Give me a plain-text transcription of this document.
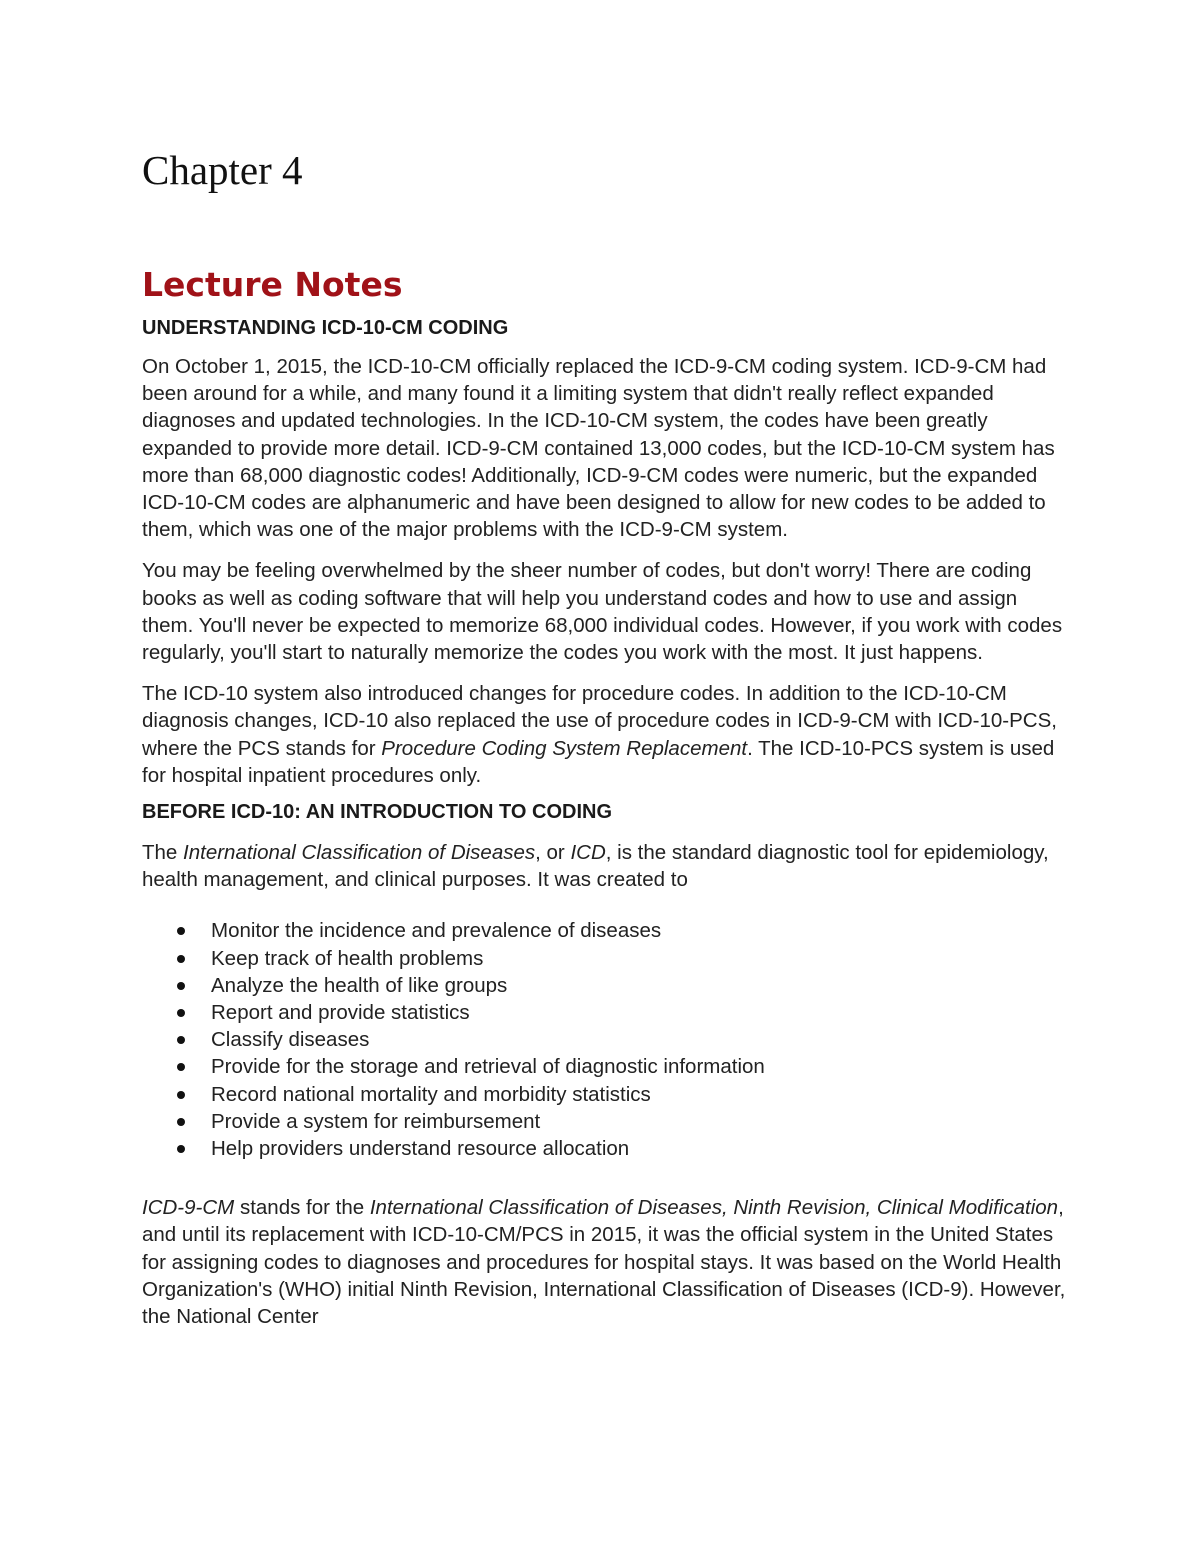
Chapter 4
Lecture Notes
UNDERSTANDING ICD-10-CM CODING

On October 1, 2015, the ICD-10-CM officially replaced the ICD-9-CM coding system. ICD-9-CM had been around for a while, and many found it a limiting system that didn't really reflect expanded diagnoses and updated technologies. In the ICD-10-CM system, the codes have been greatly expanded to provide more detail. ICD-9-CM contained 13,000 codes, but the ICD-10-CM system has more than 68,000 diagnostic codes! Additionally, ICD-9-CM codes were numeric, but the expanded ICD-10-CM codes are alphanumeric and have been designed to allow for new codes to be added to them, which was one of the major problems with the ICD-9-CM system.

You may be feeling overwhelmed by the sheer number of codes, but don't worry! There are coding books as well as coding software that will help you understand codes and how to use and assign them. You'll never be expected to memorize 68,000 individual codes. However, if you work with codes regularly, you'll start to naturally memorize the codes you work with the most. It just happens.

The ICD-10 system also introduced changes for procedure codes. In addition to the ICD-10-CM diagnosis changes, ICD-10 also replaced the use of procedure codes in ICD-9-CM with ICD-10-PCS, where the PCS stands for Procedure Coding System Replacement. The ICD-10-PCS system is used for hospital inpatient procedures only.

BEFORE ICD-10: AN INTRODUCTION TO CODING

The International Classification of Diseases, or ICD, is the standard diagnostic tool for epidemiology, health management, and clinical purposes. It was created to

Monitor the incidence and prevalence of diseases
Keep track of health problems
Analyze the health of like groups
Report and provide statistics
Classify diseases
Provide for the storage and retrieval of diagnostic information
Record national mortality and morbidity statistics
Provide a system for reimbursement
Help providers understand resource allocation

ICD-9-CM stands for the International Classification of Diseases, Ninth Revision, Clinical Modification, and until its replacement with ICD-10-CM/PCS in 2015, it was the official system in the United States for assigning codes to diagnoses and procedures for hospital stays. It was based on the World Health Organization's (WHO) initial Ninth Revision, International Classification of Diseases (ICD-9). However, the National Center
